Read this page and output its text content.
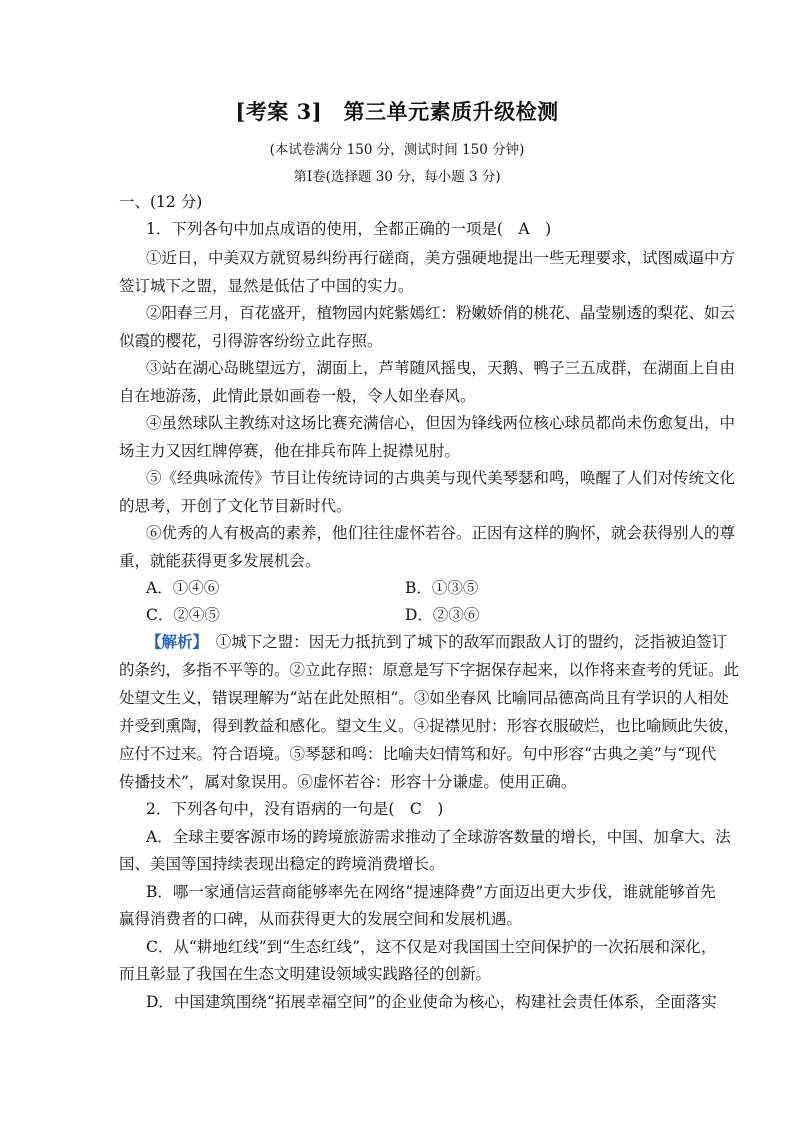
[考案 3]　第三单元素质升级检测
(本试卷满分 150 分，测试时间 150 分钟)
第Ⅰ卷(选择题 30 分，每小题 3 分)
一、(12 分)
1．下列各句中加点成语的使用，全都正确的一项是(　A　)
①近日，中美双方就贸易纠纷再行磋商，美方强硬地提出一些无理要求，试图威逼中方
签订城下之盟，显然是低估了中国的实力。
②阳春三月，百花盛开，植物园内姹紫嫣红：粉嫩娇俏的桃花、晶莹剔透的梨花、如云
似霞的樱花，引得游客纷纷立此存照。
③站在湖心岛眺望远方，湖面上，芦苇随风摇曳，天鹅、鸭子三五成群，在湖面上自由
自在地游荡，此情此景如画卷一般，令人如坐春风。
④虽然球队主教练对这场比赛充满信心，但因为锋线两位核心球员都尚未伤愈复出，中
场主力又因红牌停赛，他在排兵布阵上捉襟见肘。
⑤《经典咏流传》节目让传统诗词的古典美与现代美琴瑟和鸣，唤醒了人们对传统文化
的思考，开创了文化节目新时代。
⑥优秀的人有极高的素养，他们往往虚怀若谷。正因有这样的胸怀，就会获得别人的尊
重，就能获得更多发展机会。
A．①④⑥	B．①③⑤
C．②④⑤	D．②③⑥
【解析】　①城下之盟：因无力抵抗到了城下的敌军而跟敌人订的盟约，泛指被迫签订
的条约，多指不平等的。②立此存照：原意是写下字据保存起来，以作将来查考的凭证。此
处望文生义，错误理解为“站在此处照相”。③如坐春风 比喻同品德高尚且有学识的人相处
并受到熏陶，得到教益和感化。望文生义。④捉襟见肘：形容衣服破烂，也比喻顾此失彼，
应付不过来。符合语境。⑤琴瑟和鸣：比喻夫妇情笃和好。句中形容“古典之美”与“现代
传播技术”，属对象误用。⑥虚怀若谷：形容十分谦虚。使用正确。
2．下列各句中，没有语病的一句是(　C　)
A．全球主要客源市场的跨境旅游需求推动了全球游客数量的增长，中国、加拿大、法
国、美国等国持续表现出稳定的跨境消费增长。
B．哪一家通信运营商能够率先在网络“提速降费”方面迈出更大步伐，谁就能够首先
赢得消费者的口碑，从而获得更大的发展空间和发展机遇。
C．从“耕地红线”到“生态红线”，这不仅是对我国国土空间保护的一次拓展和深化，
而且彰显了我国在生态文明建设领域实践路径的创新。
D．中国建筑围绕“拓展幸福空间”的企业使命为核心，构建社会责任体系，全面落实
